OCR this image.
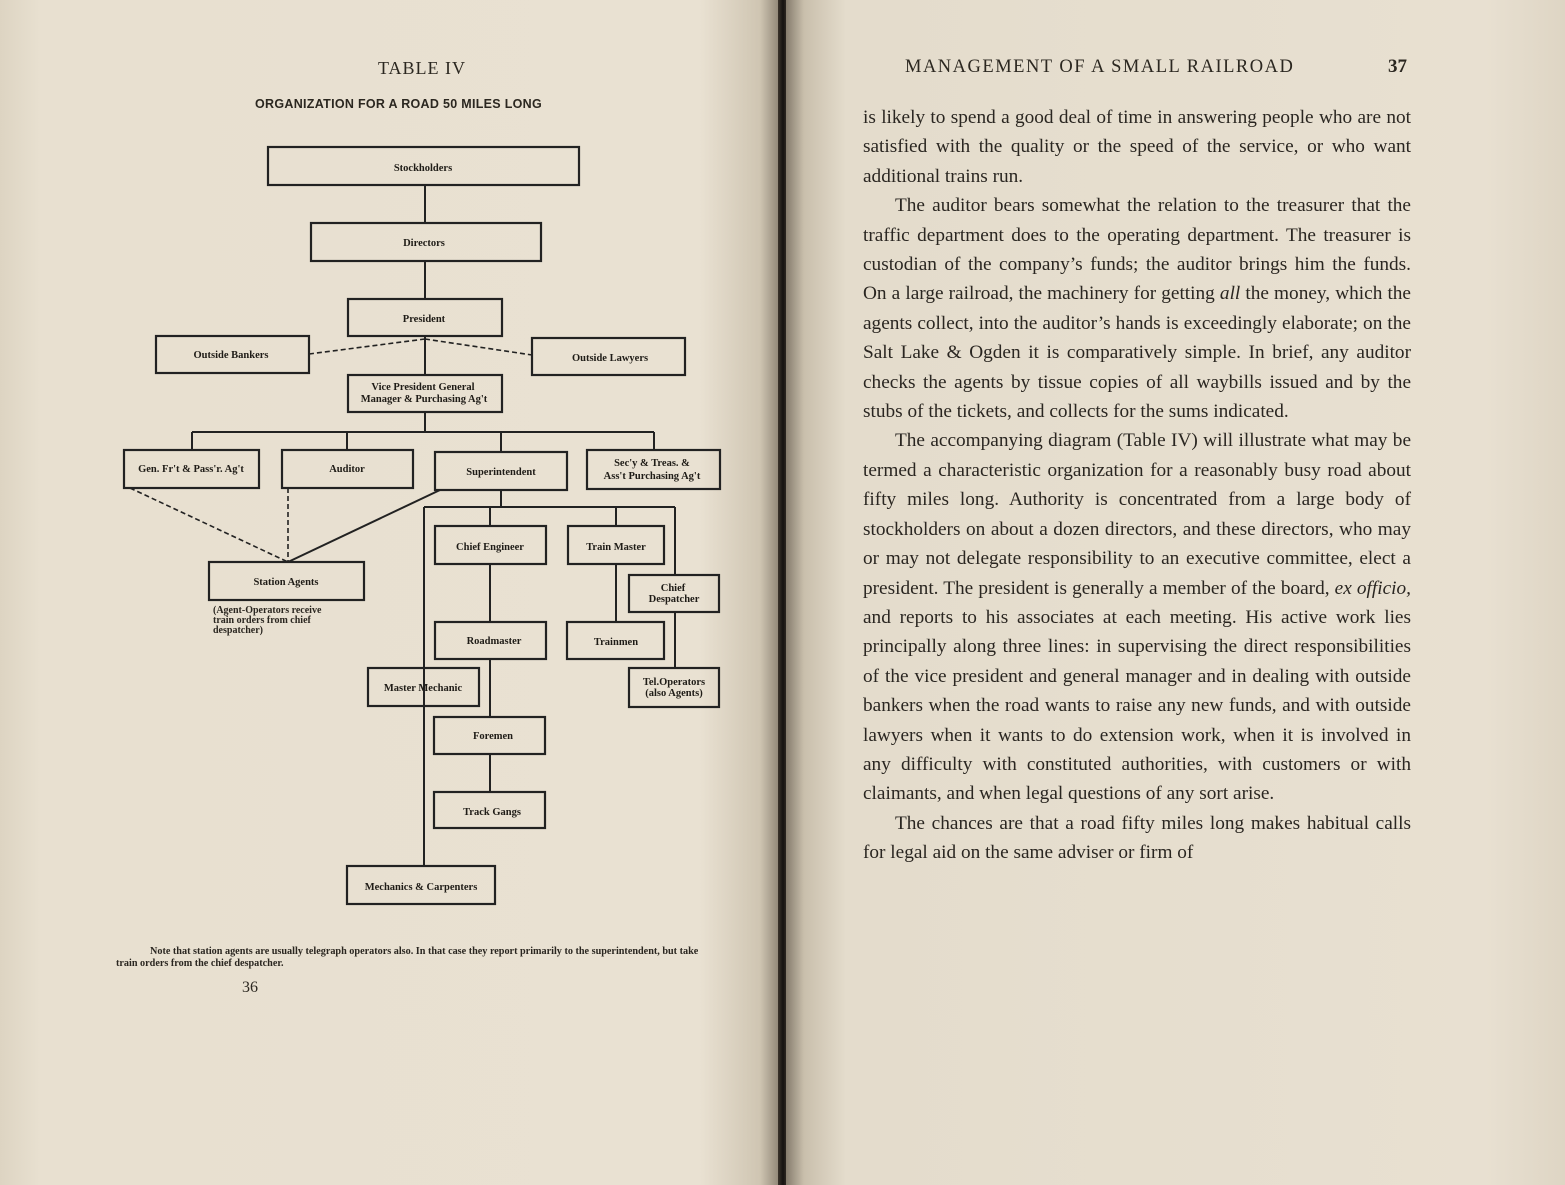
TABLE IV
ORGANIZATION FOR A ROAD 50 MILES LONG
Stockholders
Directors
President
Outside Bankers	Outside Lawyers
Vice President General
Manager & Purchasing Ag't
Gen. Fr't & Pass'r. Ag't	Auditor	Superintendent
Sec'y & Treas. &
Ass't Purchasing Ag't
Chief Engineer	Train Master
Chief
Despatcher
Station Agents
Roadmaster	Trainmen
Master Mechanic
Tel.Operators
(also Agents)
Foremen
Track Gangs
Mechanics & Carpenters
(Agent-Operators receive
train orders from chief
despatcher)
Note that station agents are usually telegraph operators also. In that case they report primarily to the superintendent, but take train orders from the chief despatcher.
36
MANAGEMENT OF A SMALL RAILROAD	37

is likely to spend a good deal of time in answering people who are not satisfied with the quality or the speed of the service, or who want additional trains run.

The auditor bears somewhat the relation to the treasurer that the traffic department does to the operating department. The treasurer is custodian of the company’s funds; the auditor brings him the funds. On a large railroad, the machinery for getting all the money, which the agents collect, into the auditor’s hands is exceedingly elaborate; on the Salt Lake & Ogden it is comparatively simple. In brief, any auditor checks the agents by tissue copies of all waybills issued and by the stubs of the tickets, and collects for the sums indicated.

The accompanying diagram (Table IV) will illustrate what may be termed a characteristic organization for a reasonably busy road about fifty miles long. Authority is concentrated from a large body of stockholders on about a dozen directors, and these directors, who may or may not delegate responsibility to an executive committee, elect a president. The president is generally a member of the board, ex officio, and reports to his associates at each meeting. His active work lies principally along three lines: in supervising the direct responsibilities of the vice president and general manager and in dealing with outside bankers when the road wants to raise any new funds, and with outside lawyers when it wants to do extension work, when it is involved in any difficulty with constituted authorities, with customers or with claimants, and when legal questions of any sort arise.

The chances are that a road fifty miles long makes habitual calls for legal aid on the same adviser or firm of
